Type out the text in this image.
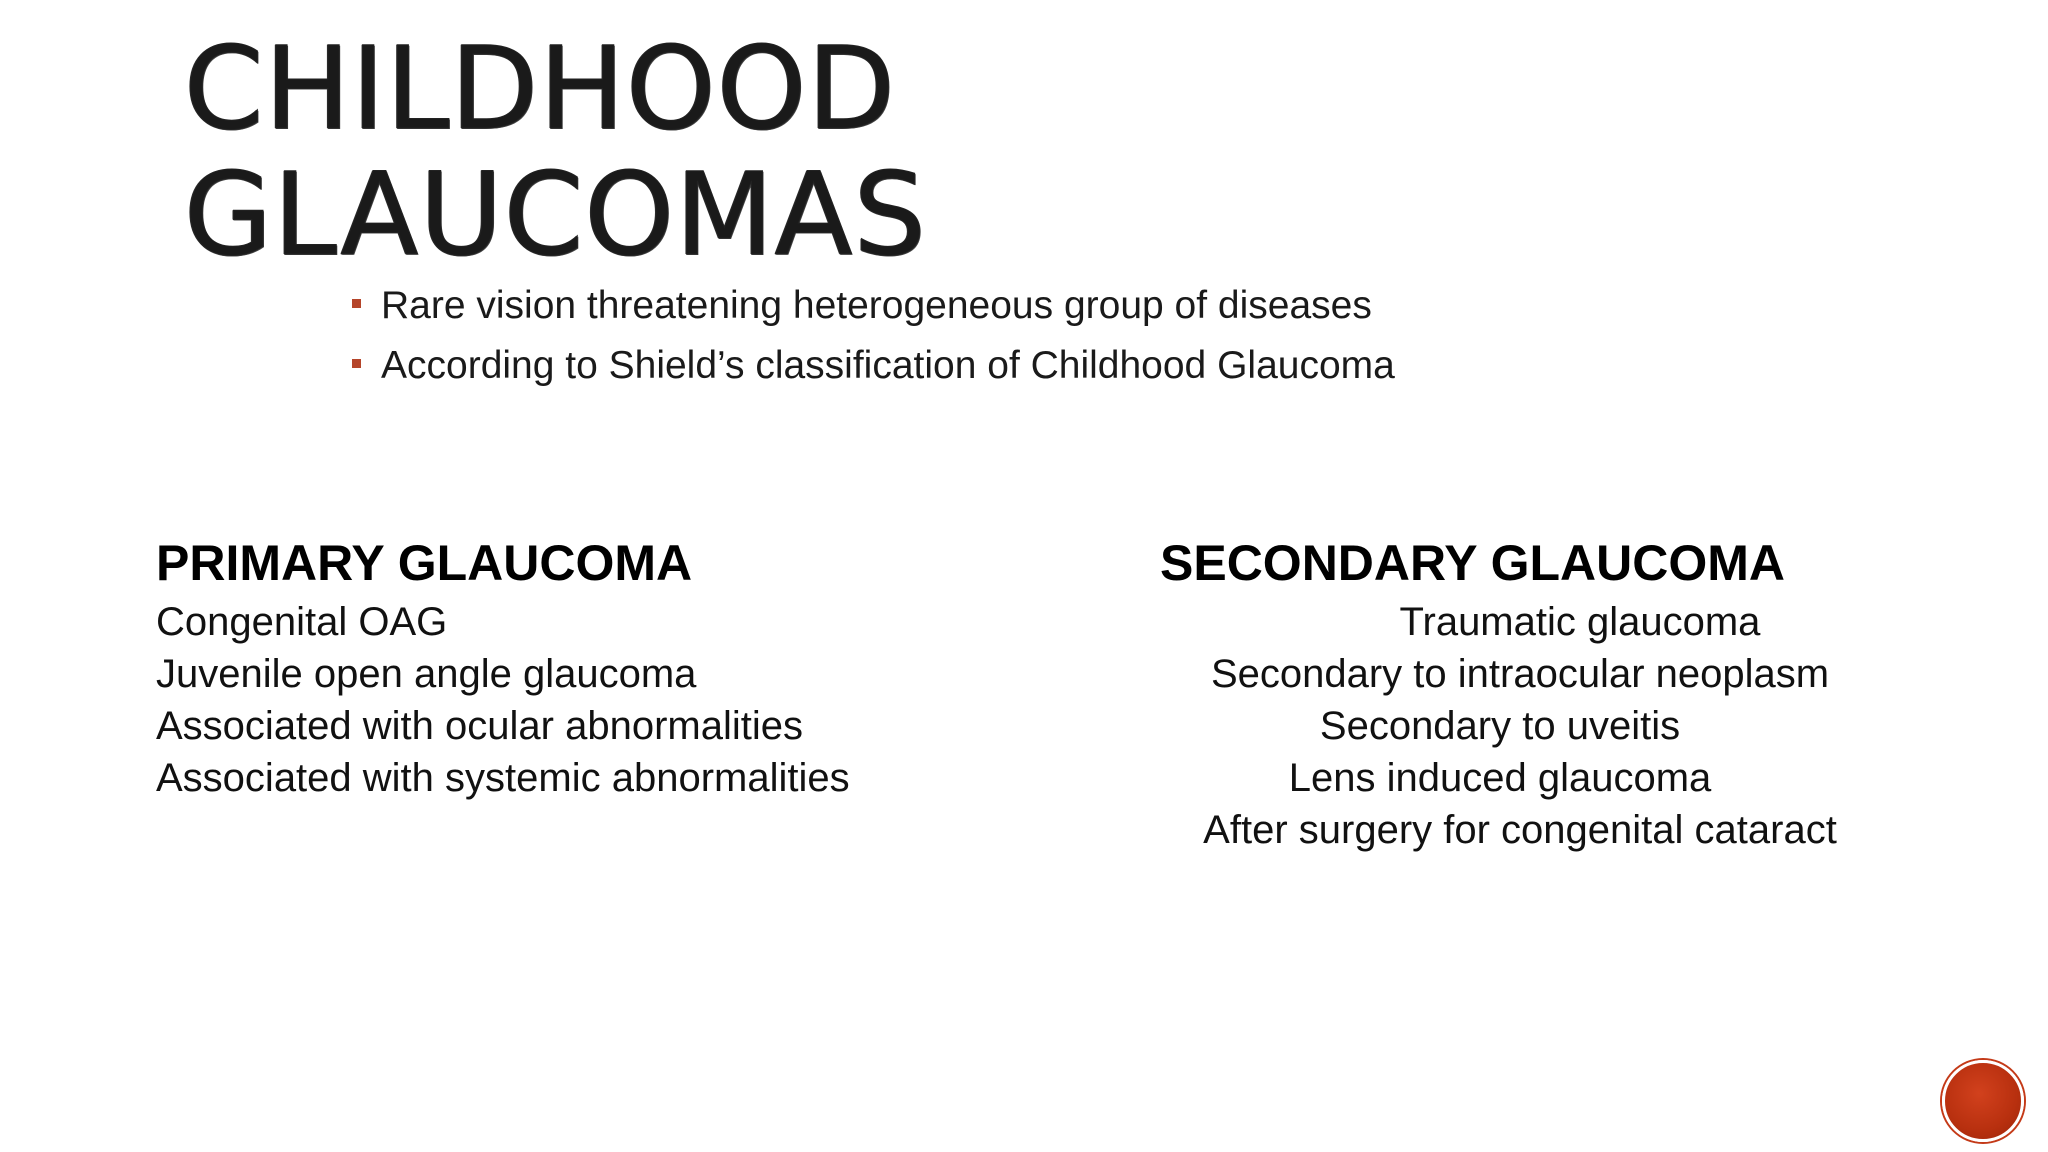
CHILDHOOD
GLAUCOMAS
Rare vision threatening heterogeneous group of diseases
According to Shield’s classification of Childhood Glaucoma
PRIMARY GLAUCOMA
Congenital OAG
Juvenile open angle glaucoma
Associated with ocular abnormalities
Associated with systemic abnormalities
SECONDARY GLAUCOMA
Traumatic glaucoma
Secondary to intraocular neoplasm
Secondary to uveitis
Lens induced glaucoma
After surgery for congenital cataract
